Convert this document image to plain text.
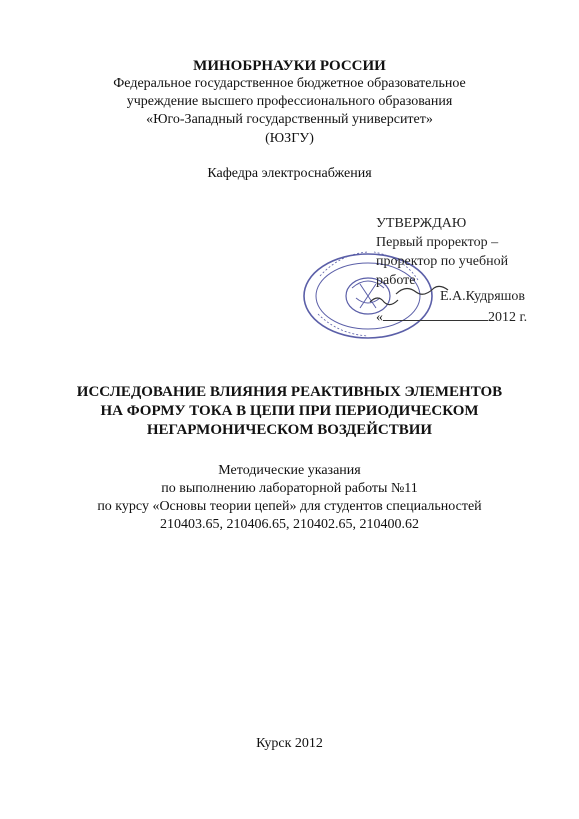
МИНОБРНАУКИ РОССИИ
Федеральное государственное бюджетное образовательное
учреждение высшего профессионального образования
«Юго-Западный государственный университет»
(ЮЗГУ)
Кафедра электроснабжения
УТВЕРЖДАЮ
Первый проректор –
проректор по учебной
работе
Е.А.Кудряшов
«	2012 г.
ИССЛЕДОВАНИЕ ВЛИЯНИЯ РЕАКТИВНЫХ ЭЛЕМЕНТОВ
НА ФОРМУ ТОКА В ЦЕПИ ПРИ ПЕРИОДИЧЕСКОМ
НЕГАРМОНИЧЕСКОМ ВОЗДЕЙСТВИИ
Методические указания
по выполнению лабораторной работы №11
по курсу «Основы теории цепей» для студентов специальностей
210403.65, 210406.65, 210402.65, 210400.62
Курск 2012
